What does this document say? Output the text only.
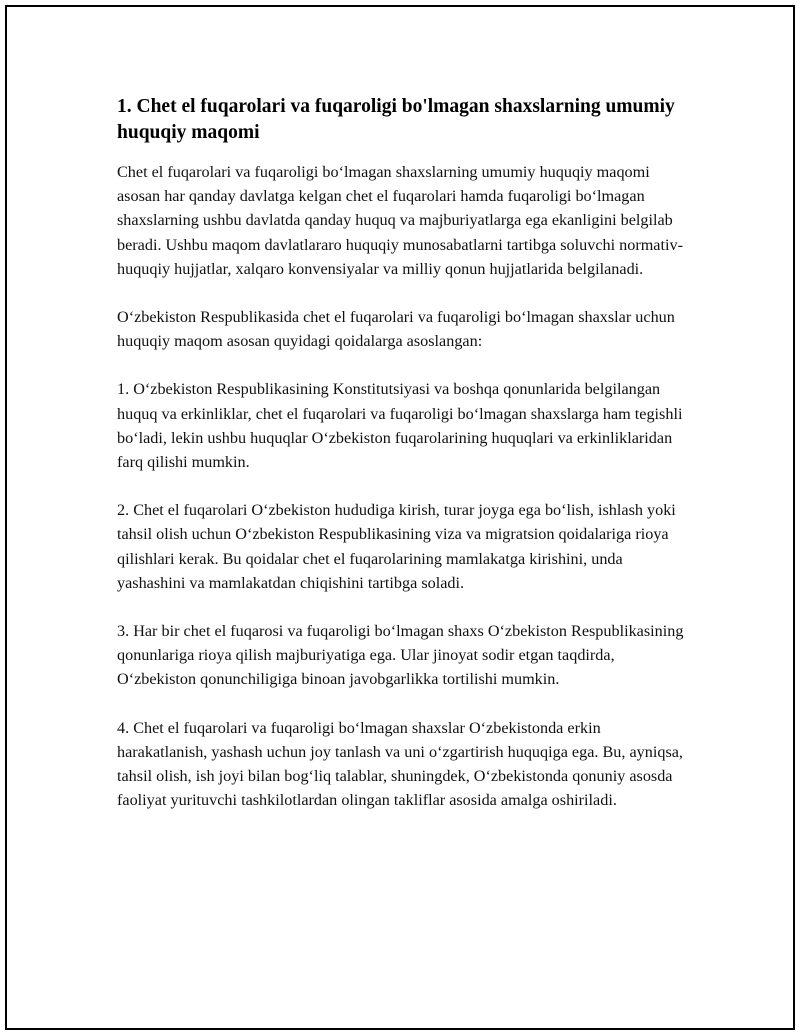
1. Chet el fuqarolari va fuqaroligi bo'lmagan shaxslarning umumiy huquqiy maqomi

Chet el fuqarolari va fuqaroligi bo‘lmagan shaxslarning umumiy huquqiy maqomi asosan har qanday davlatga kelgan chet el fuqarolari hamda fuqaroligi bo‘lmagan shaxslarning ushbu davlatda qanday huquq va majburiyatlarga ega ekanligini belgilab beradi. Ushbu maqom davlatlararo huquqiy munosabatlarni tartibga soluvchi normativ-huquqiy hujjatlar, xalqaro konvensiyalar va milliy qonun hujjatlarida belgilanadi.

O‘zbekiston Respublikasida chet el fuqarolari va fuqaroligi bo‘lmagan shaxslar uchun huquqiy maqom asosan quyidagi qoidalarga asoslangan:

1. O‘zbekiston Respublikasining Konstitutsiyasi va boshqa qonunlarida belgilangan huquq va erkinliklar, chet el fuqarolari va fuqaroligi bo‘lmagan shaxslarga ham tegishli bo‘ladi, lekin ushbu huquqlar O‘zbekiston fuqarolarining huquqlari va erkinliklaridan farq qilishi mumkin.

2. Chet el fuqarolari O‘zbekiston hududiga kirish, turar joyga ega bo‘lish, ishlash yoki tahsil olish uchun O‘zbekiston Respublikasining viza va migratsion qoidalariga rioya qilishlari kerak. Bu qoidalar chet el fuqarolarining mamlakatga kirishini, unda yashashini va mamlakatdan chiqishini tartibga soladi.

3. Har bir chet el fuqarosi va fuqaroligi bo‘lmagan shaxs O‘zbekiston Respublikasining qonunlariga rioya qilish majburiyatiga ega. Ular jinoyat sodir etgan taqdirda, O‘zbekiston qonunchiligiga binoan javobgarlikka tortilishi mumkin.

4. Chet el fuqarolari va fuqaroligi bo‘lmagan shaxslar O‘zbekistonda erkin harakatlanish, yashash uchun joy tanlash va uni o‘zgartirish huquqiga ega. Bu, ayniqsa, tahsil olish, ish joyi bilan bog‘liq talablar, shuningdek, O‘zbekistonda qonuniy asosda faoliyat yurituvchi tashkilotlardan olingan takliflar asosida amalga oshiriladi.
